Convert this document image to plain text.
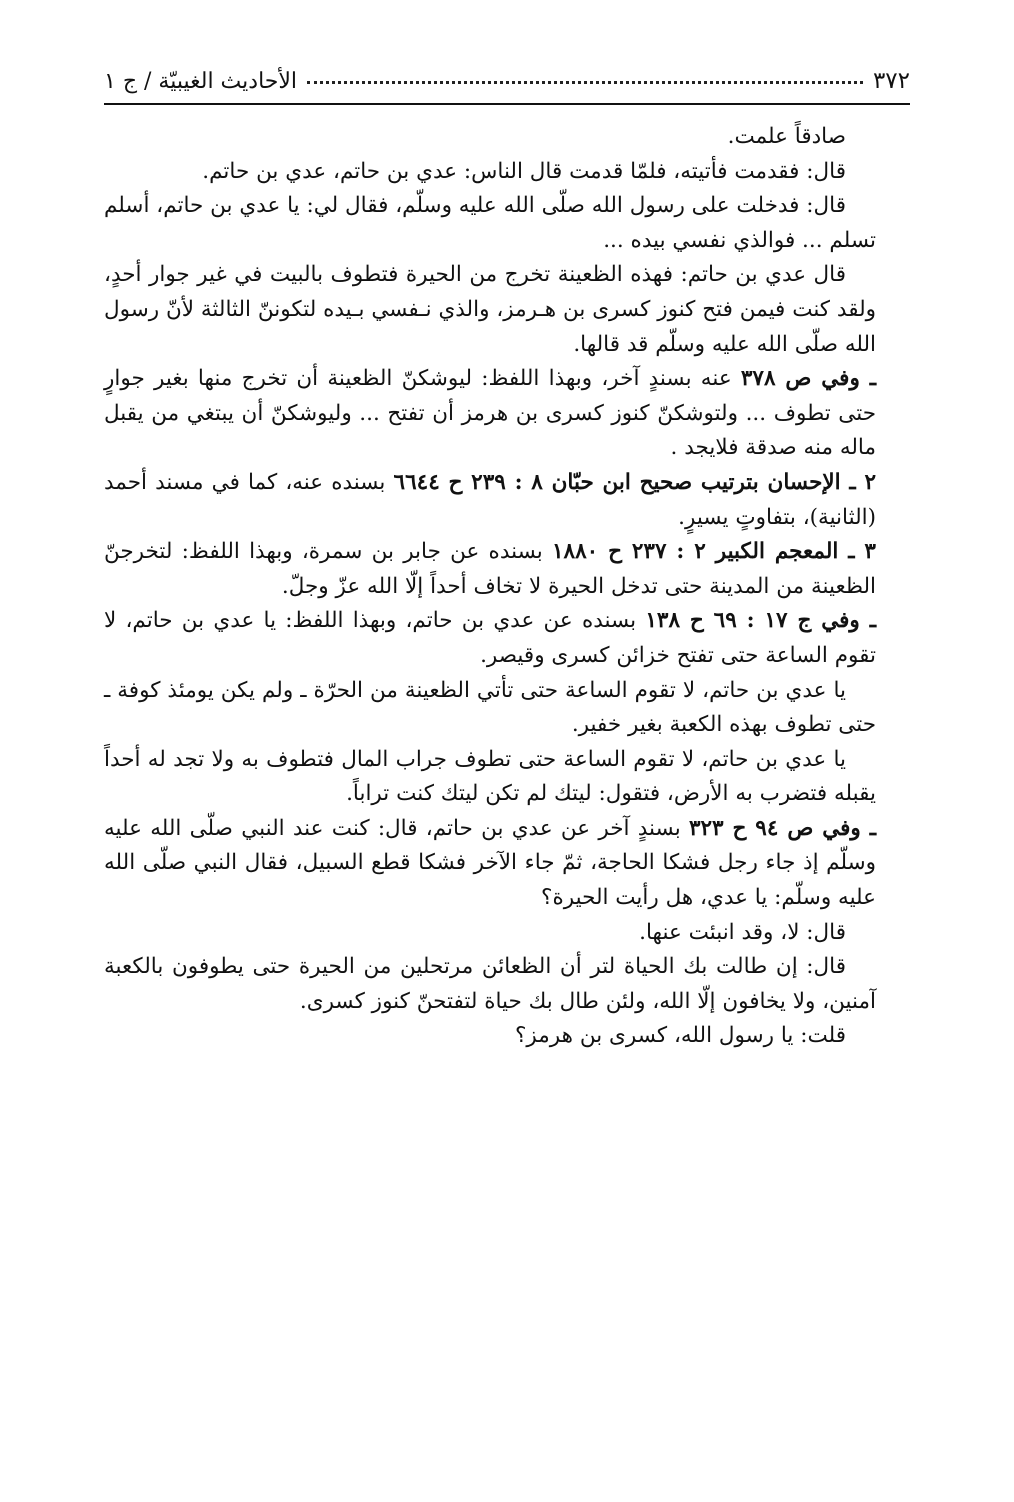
٣٧٢
الأحاديث الغيبيّة / ج ١

صادقاً علمت.

قال: فقدمت فأتيته، فلمّا قدمت قال الناس: عدي بن حاتم، عدي بن حاتم.

قال: فدخلت على رسول الله صلّى الله عليه وسلّم، فقال لي: يا عدي بن حاتم، أسلم تسلم ... فوالذي نفسي بيده ...

قال عدي بن حاتم: فهذه الظعينة تخرج من الحيرة فتطوف بالبيت في غير جوار أحدٍ، ولقد كنت فيمن فتح كنوز كسرى بن هـرمز، والذي نـفسي بـيده لتكوننّ الثالثة لأنّ رسول الله صلّى الله عليه وسلّم قد قالها.

ـ وفي ص ٣٧٨ عنه بسندٍ آخر، وبهذا اللفظ: ليوشكنّ الظعينة أن تخرج منها بغير جوارٍ حتى تطوف ... ولتوشكنّ كنوز كسرى بن هرمز أن تفتح ... وليوشكنّ أن يبتغي من يقبل ماله منه صدقة فلايجد .

٢ ـ الإحسان بترتيب صحيح ابن حبّان ٨ : ٢٣٩ ح ٦٦٤٤ بسنده عنه، كما في مسند أحمد (الثانية)، بتفاوتٍ يسيرٍ.

٣ ـ المعجم الكبير ٢ : ٢٣٧ ح ١٨٨٠ بسنده عن جابر بن سمرة، وبهذا اللفظ: لتخرجنّ الظعينة من المدينة حتى تدخل الحيرة لا تخاف أحداً إلّا الله عزّ وجلّ.

ـ وفي ج ١٧ : ٦٩ ح ١٣٨ بسنده عن عدي بن حاتم، وبهذا اللفظ: يا عدي بن حاتم، لا تقوم الساعة حتى تفتح خزائن كسرى وقيصر.

يا عدي بن حاتم، لا تقوم الساعة حتى تأتي الظعينة من الحرّة ـ ولم يكن يومئذ كوفة ـ حتى تطوف بهذه الكعبة بغير خفير.

يا عدي بن حاتم، لا تقوم الساعة حتى تطوف جراب المال فتطوف به ولا تجد له أحداً يقبله فتضرب به الأرض، فتقول: ليتك لم تكن ليتك كنت تراباً.

ـ وفي ص ٩٤ ح ٣٢٣ بسندٍ آخر عن عدي بن حاتم، قال: كنت عند النبي صلّى الله عليه وسلّم إذ جاء رجل فشكا الحاجة، ثمّ جاء الآخر فشكا قطع السبيل، فقال النبي صلّى الله عليه وسلّم: يا عدي، هل رأيت الحيرة؟

قال: لا، وقد انبئت عنها.

قال: إن طالت بك الحياة لتر أن الظعائن مرتحلين من الحيرة حتى يطوفون بالكعبة آمنين، ولا يخافون إلّا الله، ولئن طال بك حياة لتفتحنّ كنوز كسرى.

قلت: يا رسول الله، كسرى بن هرمز؟
